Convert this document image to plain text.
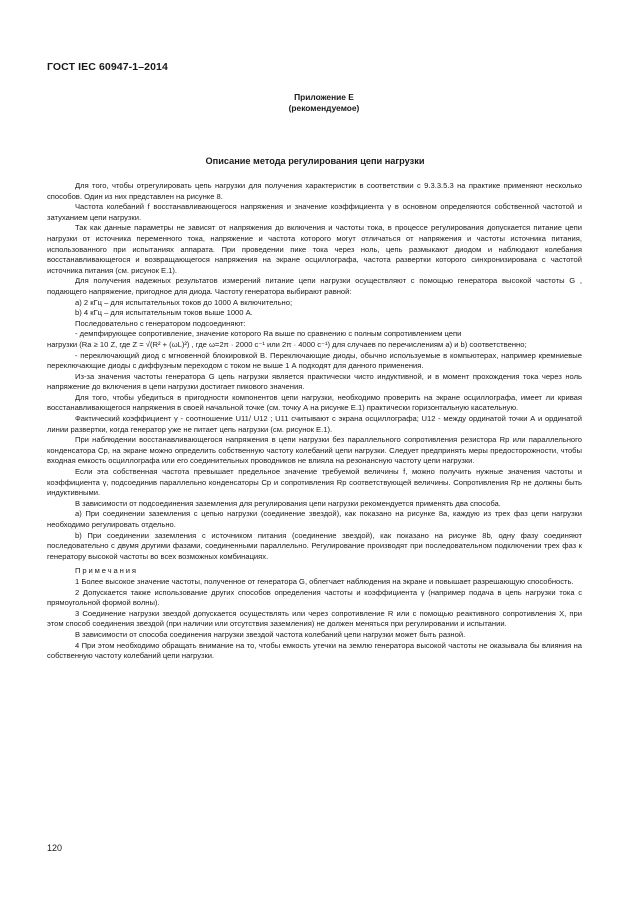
ГОСТ IEC 60947-1–2014
Приложение Е
(рекомендуемое)
Описание метода регулирования цепи нагрузки

Для того, чтобы отрегулировать цепь нагрузки для получения характеристик в соответствии с 9.3.3.5.3 на практике применяют несколько способов. Один из них представлен на рисунке 8.

Частота колебаний f восстанавливающегося напряжения и значение коэффициента γ в основном определяются собственной частотой и затуханием цепи нагрузки.

Так как данные параметры не зависят от напряжения до включения и частоты тока, в процессе регулирования допускается питание цепи нагрузки от источника переменного тока, напряжение и частота которого могут отличаться от напряжения и частоты источника питания, использованного при испытаниях аппарата. При проведении пике тока через ноль, цепь размыкают диодом и наблюдают колебания восстанавливающегося и возвращающегося напряжения на экране осциллографа, частота развертки которого синхронизирована с частотой источника питания (см. рисунок Е.1).

Для получения надежных результатов измерений питание цепи нагрузки осуществляют с помощью генератора высокой частоты G , подающего напряжение, пригодное для диода. Частоту генератора выбирают равной:

а) 2 кГц – для испытательных токов до 1000 А включительно;

b) 4 кГц – для испытательным токов выше 1000 А.

Последовательно с генератором подсоединяют:

- демпфирующее сопротивление, значение которого Ra выше по сравнению с полным сопротивлением цепи

нагрузки (Ra ≥ 10 Z, где Z = √(R² + (ωL)²) , где ω=2π · 2000 с⁻¹ или 2π · 4000 с⁻¹) для случаев по перечислениям а) и b) соответственно;

- переключающий диод с мгновенной блокировкой B. Переключающие диоды, обычно используемые в компьютерах, например кремниевые переключающие диоды с диффузным переходом с током не выше 1 А подходят для данного применения.

Из-за значения частоты генератора G цепь нагрузки является практически чисто индуктивной, и в момент прохождения тока через ноль напряжение до включения в цепи нагрузки достигает пикового значения.

Для того, чтобы убедиться в пригодности компонентов цепи нагрузки, необходимо проверить на экране осциллографа, имеет ли кривая восстанавливающегося напряжения в своей начальной точке (см. точку А на рисунке Е.1) практически горизонтальную касательную.

Фактический коэффициент γ - соотношение U11/ U12 ; U11 считывают с экрана осциллографа; U12 - между ординатой точки А и ординатой линии развертки, когда генератор уже не питает цепь нагрузки (см. рисунок Е.1).

При наблюдении восстанавливающегося напряжения в цепи нагрузки без параллельного сопротивления резистора Rp или параллельного конденсатора Cp, на экране можно определить собственную частоту колебаний цепи нагрузки. Следует предпринять меры предосторожности, чтобы входная емкость осциллографа или его соединительных проводников не влияла на резонансную частоту цепи нагрузки.

Если эта собственная частота превышает предельное значение требуемой величины f, можно получить нужные значения частоты и коэффициента γ, подсоединив параллельно конденсаторы Cp и сопротивления Rp соответствующей величины. Сопротивления Rp не должны быть индуктивными.

В зависимости от подсоединения заземления для регулирования цепи нагрузки рекомендуется применять два способа.

а) При соединении заземления с цепью нагрузки (соединение звездой), как показано на рисунке 8а, каждую из трех фаз цепи нагрузки необходимо регулировать отдельно.

b) При соединении заземления с источником питания (соединение звездой), как показано на рисунке 8b, одну фазу соединяют последовательно с двумя другими фазами, соединенными параллельно. Регулирование производят при последовательном подключении трех фаз к генератору высокой частоты во всех возможных комбинациях.

Примечания

1 Более высокое значение частоты, полученное от генератора G, облегчает наблюдения на экране и повышает разрешающую способность.

2 Допускается также использование других способов определения частоты и коэффициента γ (например подача в цепь нагрузки тока с прямоугольной формой волны).

3 Соединение нагрузки звездой допускается осуществлять или через сопротивление R или с помощью реактивного сопротивления X, при этом способ соединения звездой (при наличии или отсутствия заземления) не должен меняться при регулировании и испытании.

В зависимости от способа соединения нагрузки звездой частота колебаний цепи нагрузки может быть разной.

4 При этом необходимо обращать внимание на то, чтобы емкость утечки на землю генератора высокой частоты не оказывала бы влияния на собственную частоту колебаний цепи нагрузки.

120
